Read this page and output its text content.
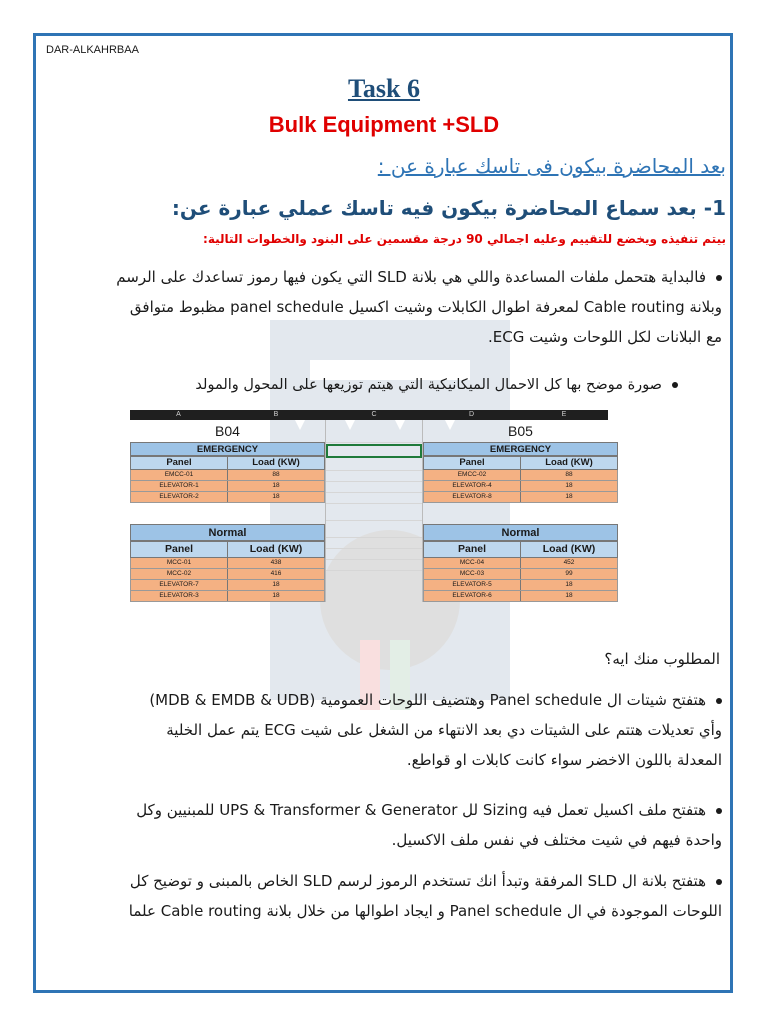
DAR-ALKAHRBAA
Task 6
Bulk Equipment +SLD
بعد المحاضرة بيكون فى تاسك عبارة عن :
1- بعد سماع المحاضرة بيكون فيه تاسك عملي عبارة عن:
بيتم تنفيذه ويخضع للتقييم وعليه اجمالي 90 درجة مقسمين على البنود والخطوات التالية:
فالبداية هتحمل ملفات المساعدة واللي هي بلانة SLD التي يكون فيها رموز تساعدك على الرسم
وبلانة Cable routing لمعرفة اطوال الكابلات وشيت اكسيل panel schedule مظبوط متوافق
مع البلانات لكل اللوحات وشيت ECG.
صورة موضح بها كل الاحمال الميكانيكية التي هيتم توزيعها على المحول والمولد
A	B	C	D	E
B04
EMERGENCY
Panel	Load (KW)
EMCC-01	88
ELEVATOR-1	18
ELEVATOR-2	18
Normal
Panel	Load (KW)
MCC-01	438
MCC-02	416
ELEVATOR-7	18
ELEVATOR-3	18
B05
EMERGENCY
Panel	Load (KW)
EMCC-02	88
ELEVATOR-4	18
ELEVATOR-8	18
Normal
Panel	Load (KW)
MCC-04	452
MCC-03	99
ELEVATOR-5	18
ELEVATOR-6	18
المطلوب منك ايه؟
هتفتح شيتات ال Panel schedule وهتضيف اللوحات العمومية (MDB & EMDB & UDB)
وأي تعديلات هتتم على الشيتات دي بعد الانتهاء من الشغل على شيت ECG يتم عمل الخلية
المعدلة باللون الاخضر سواء كانت كابلات او قواطع.
هتفتح ملف اكسيل تعمل فيه Sizing لل UPS & Transformer & Generator للمبنيين وكل
واحدة فيهم في شيت مختلف في نفس ملف الاكسيل.
هتفتح بلانة ال SLD المرفقة وتبدأ انك تستخدم الرموز لرسم SLD الخاص بالمبنى و توضيح كل
اللوحات الموجودة في ال Panel schedule و ايجاد اطوالها من خلال بلانة Cable routing علما
